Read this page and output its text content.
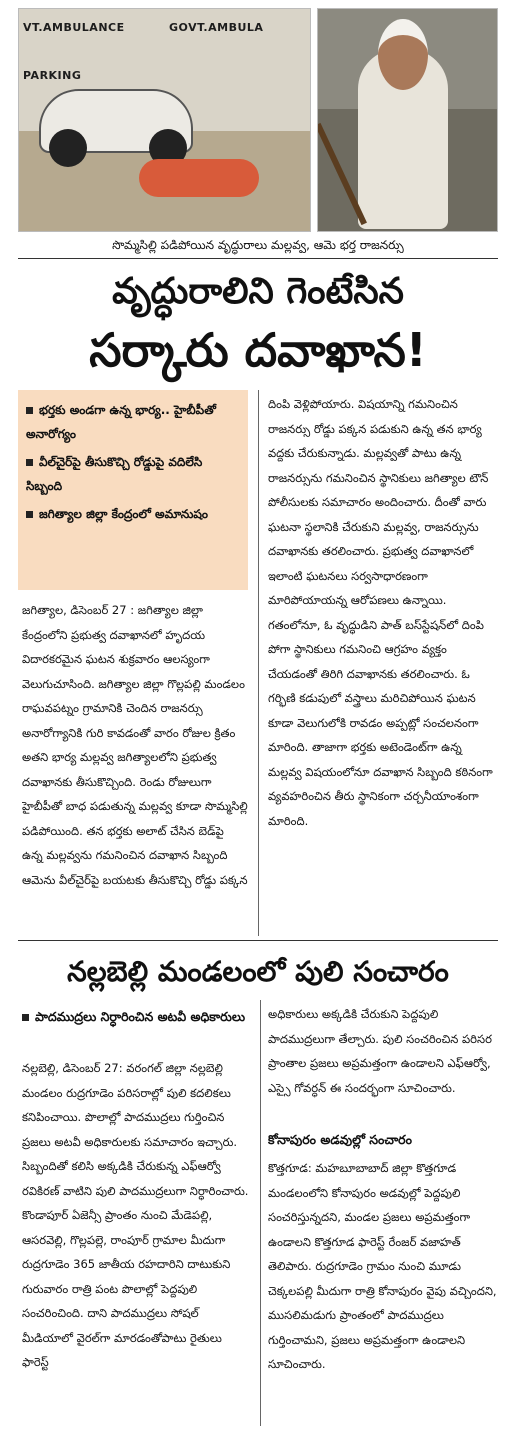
VT.AMBULANCE	GOVT.AMBULA
PARKING
సొమ్మసిల్లి పడిపోయిన వృద్ధురాలు మల్లవ్వ, ఆమె భర్త రాజనర్సు
వృద్ధురాలిని గెంటేసిన
సర్కారు దవాఖాన!
భర్తకు అండగా ఉన్న భార్య.. హైబీపీతో అనారోగ్యం
వీల్‌చైర్‌పై తీసుకొచ్చి రోడ్డుపై వదిలేసి సిబ్బంది
జగిత్యాల జిల్లా కేంద్రంలో అమానుషం

జగిత్యాల, డిసెంబర్ 27 : జగిత్యాల జిల్లా కేంద్రంలోని ప్రభుత్వ దవాఖానలో హృదయ విదారకరమైన ఘటన శుక్రవారం ఆలస్యంగా వెలుగుచూసింది. జగిత్యాల జిల్లా గొల్లపల్లి మండలం రాఘవపట్నం గ్రామానికి చెందిన రాజనర్సు అనారోగ్యానికి గురి కావడంతో వారం రోజుల క్రితం అతని భార్య మల్లవ్వ జగిత్యాలలోని ప్రభుత్వ దవాఖానకు తీసుకొచ్చింది. రెండు రోజులుగా హైబీపీతో బాధ పడుతున్న మల్లవ్వ కూడా సొమ్మసిల్లి పడిపోయింది. తన భర్తకు అలాట్ చేసిన బెడ్‌పై ఉన్న మల్లవ్వను గమనించిన దవాఖాన సిబ్బంది ఆమెను వీల్‌చైర్‌పై బయటకు తీసుకొచ్చి రోడ్డు పక్కన

దింపి వెళ్లిపోయారు. విషయాన్ని గమనించిన రాజనర్సు రోడ్డు పక్కన పడుకుని ఉన్న తన భార్య వద్దకు చేరుకున్నాడు. మల్లవ్వతో పాటు ఉన్న రాజనర్సును గమనించిన స్థానికులు జగిత్యాల టౌన్ పోలీసులకు సమాచారం అందించారు. దీంతో వారు ఘటనా స్థలానికి చేరుకుని మల్లవ్వ, రాజనర్సును దవాఖానకు తరలించారు. ప్రభుత్వ దవాఖానలో ఇలాంటి ఘటనలు సర్వసాధారణంగా మారిపోయాయన్న ఆరోపణలు ఉన్నాయి. గతంలోనూ, ఓ వృద్ధుడిని పాత్ బస్‌స్టేషన్‌లో దింపి పోగా స్థానికులు గమనించి ఆగ్రహం వ్యక్తం చేయడంతో తిరిగి దవాఖానకు తరలించారు. ఓ గర్భిణి కడుపులో వస్త్రాలు మరిచిపోయిన ఘటన కూడా వెలుగులోకి రావడం అప్పట్లో సంచలనంగా మారింది. తాజాగా భర్తకు అటెండెంట్‌గా ఉన్న మల్లవ్వ విషయంలోనూ దవాఖాన సిబ్బంది కఠినంగా వ్యవహరించిన తీరు స్థానికంగా చర్చనీయాంశంగా మారింది.

నల్లబెల్లి మండలంలో పులి సంచారం
పాదముద్రలు నిర్ధారించిన అటవీ అధికారులు

నల్లబెల్లి, డిసెంబర్ 27: వరంగల్ జిల్లా నల్లబెల్లి మండలం రుద్రగూడెం పరిసరాల్లో పులి కదలికలు కనిపించాయి. పొలాల్లో పాదముద్రలు గుర్తించిన ప్రజలు అటవీ అధికారులకు సమాచారం ఇచ్చారు. సిబ్బందితో కలిసి అక్కడికి చేరుకున్న ఎఫ్‌ఆర్వో రవికిరణ్ వాటిని పులి పాదముద్రలుగా నిర్ధారించారు. కొండాపూర్ ఏజెన్సీ ప్రాంతం నుంచి మేడెపల్లి, ఆసరవెల్లి, గొల్లపల్లె, రాంపూర్ గ్రామాల మీదుగా రుద్రగూడెం 365 జాతీయ రహదారిని దాటుకుని గురువారం రాత్రి పంట పొలాల్లో పెద్దపులి సంచరించింది. దాని పాదముద్రలు సోషల్ మీడియాలో వైరల్‌గా మారడంతోపాటు రైతులు ఫారెస్ట్

అధికారులు అక్కడికి చేరుకుని పెద్దపులి పాదముద్రలుగా తేల్చారు. పులి సంచరించిన పరిసర ప్రాంతాల ప్రజలు అప్రమత్తంగా ఉండాలని ఎఫ్‌ఆర్వో, ఎస్సై గోవర్ధన్ ఈ సందర్భంగా సూచించారు.

కోనాపురం అడవుల్లో సంచారం

కొత్తగూడ: మహబూబాబాద్ జిల్లా కొత్తగూడ మండలంలోని కోనాపురం అడవుల్లో పెద్దపులి సంచరిస్తున్నదని, మండల ప్రజలు అప్రమత్తంగా ఉండాలని కొత్తగూడ ఫారెస్ట్ రేంజర్ వజాహత్ తెలిపారు. రుద్రగూడెం గ్రామం నుంచి మూడు చెక్కలపల్లి మీదుగా రాత్రి కోనాపురం వైపు వచ్చిందని, ముసలిమడుగు ప్రాంతంలో పాదముద్రలు గుర్తించామని, ప్రజలు అప్రమత్తంగా ఉండాలని సూచించారు.
